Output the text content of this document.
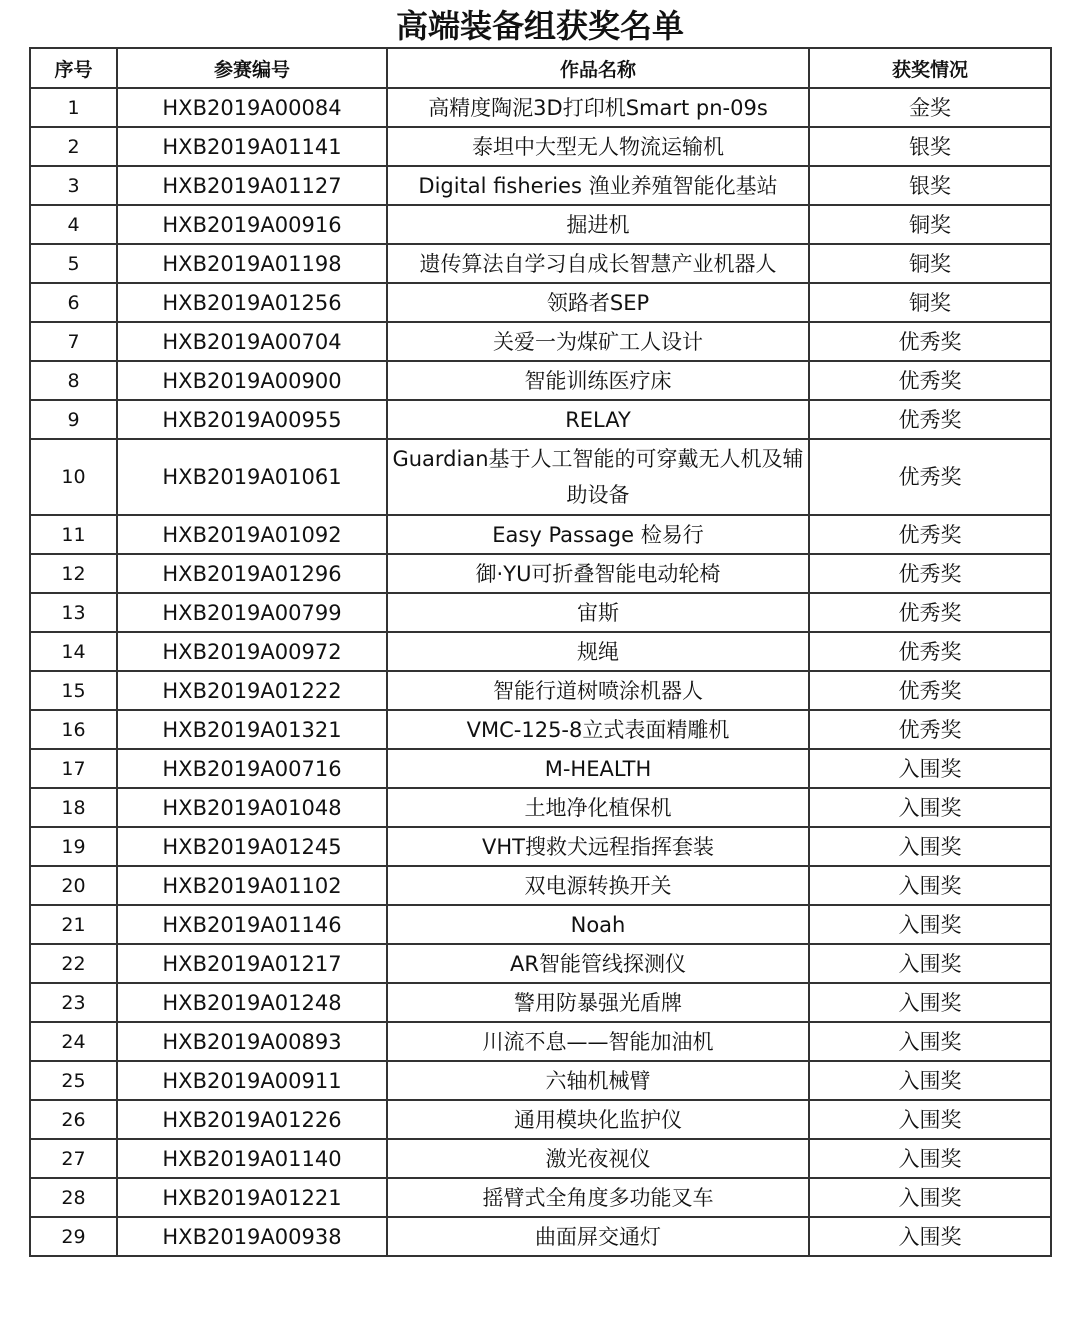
高端装备组获奖名单
序号	参赛编号	作品名称	获奖情况
1	HXB2019A00084	高精度陶泥3D打印机Smart pn-09s	金奖
2	HXB2019A01141	泰坦中大型无人物流运输机	银奖
3	HXB2019A01127	Digital fisheries 渔业养殖智能化基站	银奖
4	HXB2019A00916	掘进机	铜奖
5	HXB2019A01198	遗传算法自学习自成长智慧产业机器人	铜奖
6	HXB2019A01256	领路者SEP	铜奖
7	HXB2019A00704	关爱一为煤矿工人设计	优秀奖
8	HXB2019A00900	智能训练医疗床	优秀奖
9	HXB2019A00955	RELAY	优秀奖
10	HXB2019A01061	Guardian基于人工智能的可穿戴无人机及辅助设备	优秀奖
11	HXB2019A01092	Easy Passage 检易行	优秀奖
12	HXB2019A01296	御·YU可折叠智能电动轮椅	优秀奖
13	HXB2019A00799	宙斯	优秀奖
14	HXB2019A00972	规绳	优秀奖
15	HXB2019A01222	智能行道树喷涂机器人	优秀奖
16	HXB2019A01321	VMC-125-8立式表面精雕机	优秀奖
17	HXB2019A00716	M-HEALTH	入围奖
18	HXB2019A01048	土地净化植保机	入围奖
19	HXB2019A01245	VHT搜救犬远程指挥套装	入围奖
20	HXB2019A01102	双电源转换开关	入围奖
21	HXB2019A01146	Noah	入围奖
22	HXB2019A01217	AR智能管线探测仪	入围奖
23	HXB2019A01248	警用防暴强光盾牌	入围奖
24	HXB2019A00893	川流不息——智能加油机	入围奖
25	HXB2019A00911	六轴机械臂	入围奖
26	HXB2019A01226	通用模块化监护仪	入围奖
27	HXB2019A01140	激光夜视仪	入围奖
28	HXB2019A01221	摇臂式全角度多功能叉车	入围奖
29	HXB2019A00938	曲面屏交通灯	入围奖
